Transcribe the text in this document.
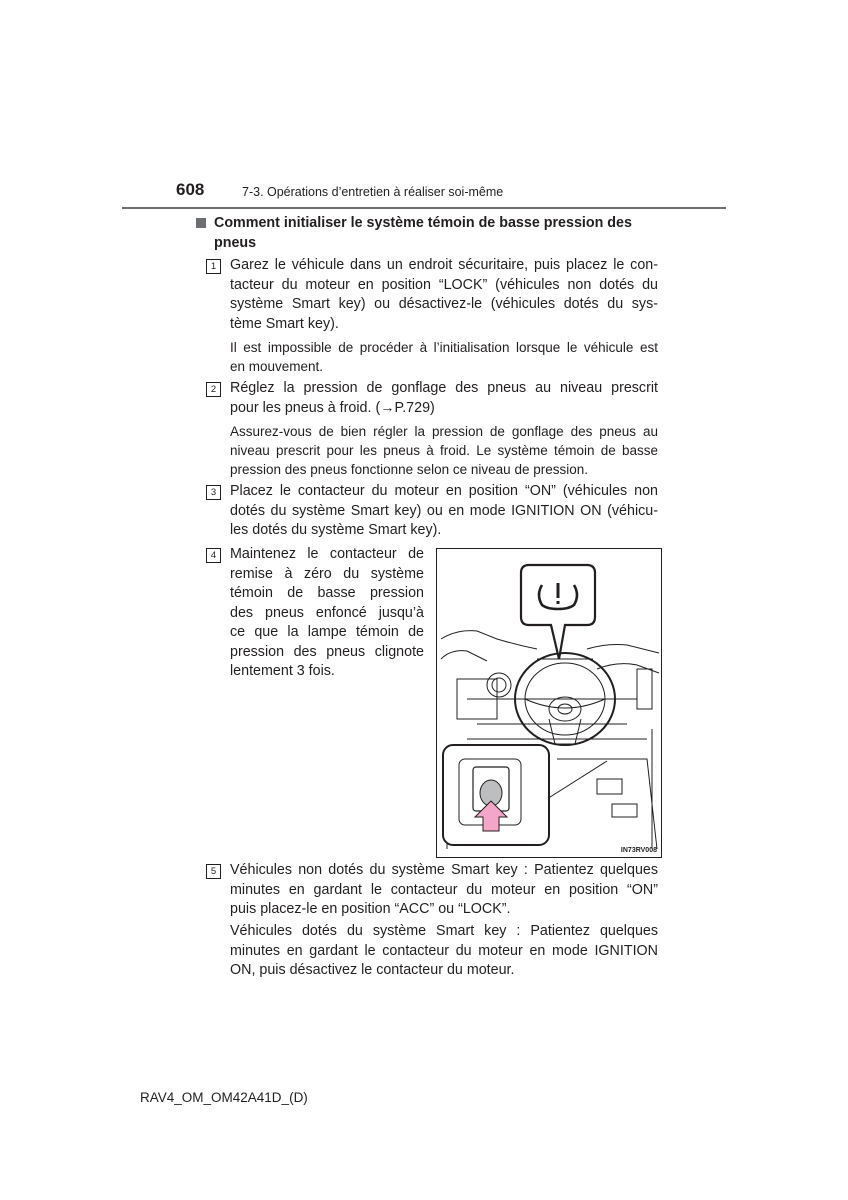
608	7-3. Opérations d’entretien à réaliser soi-même
Comment initialiser le système témoin de basse pression des
pneus
1 Garez le véhicule dans un endroit sécuritaire, puis placez le con-
tacteur du moteur en position “LOCK” (véhicules non dotés du
système Smart key) ou désactivez-le (véhicules dotés du sys-
tème Smart key).
Il est impossible de procéder à l’initialisation lorsque le véhicule est
en mouvement.
2 Réglez la pression de gonflage des pneus au niveau prescrit
pour les pneus à froid. (→P.729)
Assurez-vous de bien régler la pression de gonflage des pneus au
niveau prescrit pour les pneus à froid. Le système témoin de basse
pression des pneus fonctionne selon ce niveau de pression.
3 Placez le contacteur du moteur en position “ON” (véhicules non
dotés du système Smart key) ou en mode IGNITION ON (véhicu-
les dotés du système Smart key).
4 Maintenez le contacteur de
remise à zéro du système
témoin de basse pression
des pneus enfoncé jusqu’à
ce que la lampe témoin de
pression des pneus clignote
lentement 3 fois.
IN73RV008
5 Véhicules non dotés du système Smart key : Patientez quelques
minutes en gardant le contacteur du moteur en position “ON”
puis placez-le en position “ACC” ou “LOCK”.
Véhicules dotés du système Smart key : Patientez quelques
minutes en gardant le contacteur du moteur en mode IGNITION
ON, puis désactivez le contacteur du moteur.
RAV4_OM_OM42A41D_(D)
